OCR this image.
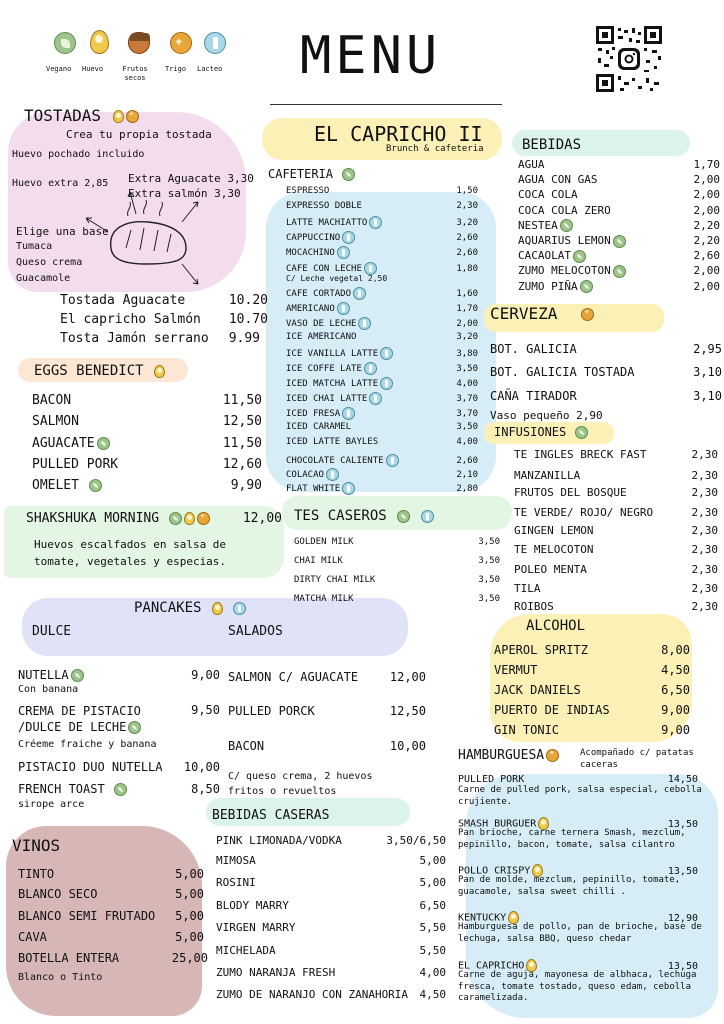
Vegano Huevo	Frutos secos
✦
Trigo Lacteo MENU
EL CAPRICHO II
Brunch & cafeteria
TOSTADAS ✦
Crea tu propia tostada
Huevo pochado incluido
Huevo extra 2,85 Extra Aguacate 3,30
Extra salmón 3,30
Elige una base
Tumaca
Queso crema
Guacamole
Tostada Aguacate	10.20
El capricho Salmón 10.70
Tosta Jamón serrano 9.99
EGGS BENEDICT
BACON	11,50
SALMON	12,50
AGUACATE	11,50
PULLED PORK	12,60
OMELET	9,90
SHAKSHUKA MORNING ✦	12,00
Huevos escalfados en salsa de tomate, vegetales y especias.
PANCAKES
DULCE	SALADOS
NUTELLA	9,00
Con banana
CREMA DE PISTACIO /DULCE DE LECHE
9,50
Créeme fraiche y banana
PISTACIO DUO NUTELLA 10,00
FRENCH TOAST	8,50
sirope arce
SALMON C/ AGUACATE	12,00
PULLED PORCK	12,50
BACON	10,00
C/ queso crema, 2 huevos fritos o revueltos
VINOS
TINTO	5,00
BLANCO SECO	5,00
BLANCO SEMI FRUTADO 5,00
CAVA	5,00
BOTELLA ENTERA	25,00
Blanco o Tinto
CAFETERIA
ESPRESSO	1,50
EXPRESSO DOBLE	2,30
LATTE MACHIATTO	3,20
CAPPUCCINO	2,60
MOCACHINO	2,60
CAFE CON LECHE	1,80
CAFE CORTADO	1,60
AMERICANO	1,70
VASO DE LECHE	2,00
ICE AMERICANO	3,20
ICE VANILLA LATTE	3,80
ICE COFFE LATE	3,50
ICED MATCHA LATTE	4,00
ICED CHAI LATTE	3,70
ICED FRESA	3,70
ICED CARAMEL	3,50
ICED LATTE BAYLES	4,00
CHOCOLATE CALIENTE	2,60
COLACAO	2,10
FLAT WHITE	2,80
C/ Leche vegetal 2,50
TES CASEROS
GOLDEN MILK	3,50
CHAI MILK	3,50
DIRTY CHAI MILK	3,50
MATCHA MILK	3,50
BEBIDAS CASERAS
PINK LIMONADA/VODKA	3,50/6,50
MIMOSA	5,00
ROSINI	5,00
BLODY MARRY	6,50
VIRGEN MARRY	5,50
MICHELADA	5,50
ZUMO NARANJA FRESH	4,00
ZUMO DE NARANJO CON ZANAHORIA 4,50
BEBIDAS
AGUA	1,70
AGUA CON GAS	2,00
COCA COLA	2,00
COCA COLA ZERO	2,00
NESTEA	2,20
AQUARIUS LEMON	2,20
CACAOLAT	2,60
ZUMO MELOCOTON	2,00
ZUMO PIÑA	2,00
CERVEZA ✦
BOT. GALICIA	2,95
BOT. GALICIA TOSTADA	3,10
CAÑA TIRADOR	3,10
Vaso pequeño 2,90
INFUSIONES
TE INGLES BRECK FAST	2,30
MANZANILLA	2,30
FRUTOS DEL BOSQUE	2,30
TE VERDE/ ROJO/ NEGRO	2,30
GINGEN LEMON	2,30
TE MELOCOTON	2,30
POLEO MENTA	2,30
TILA	2,30
ROIBOS	2,30
ALCOHOL
APEROL SPRITZ	8,00
VERMUT	4,50
JACK DANIELS	6,50
PUERTO DE INDIAS	9,00
GIN TONIC	9,00
HAMBURGUESA ✦	Acompañado c/ patatas caceras
PULLED PORK	14,50
Carne de pulled pork, salsa especial, cebolla crujiente.
SMASH BURGUER	13,50
Pan brioche, carne ternera Smash, mezclum, pepinillo, bacon, tomate, salsa cilantro
POLLO CRISPY	13,50
Pan de molde, mezclum, pepinillo, tomate, guacamole, salsa sweet chilli .
KENTUCKY	12,90
Hamburguesa de pollo, pan de brioche, base de lechuga, salsa BBQ, queso chedar
EL CAPRICHO	13,50
Carne de aguja, mayonesa de albhaca, lechuga fresca, tomate tostado, queso edam, cebolla caramelizada.
